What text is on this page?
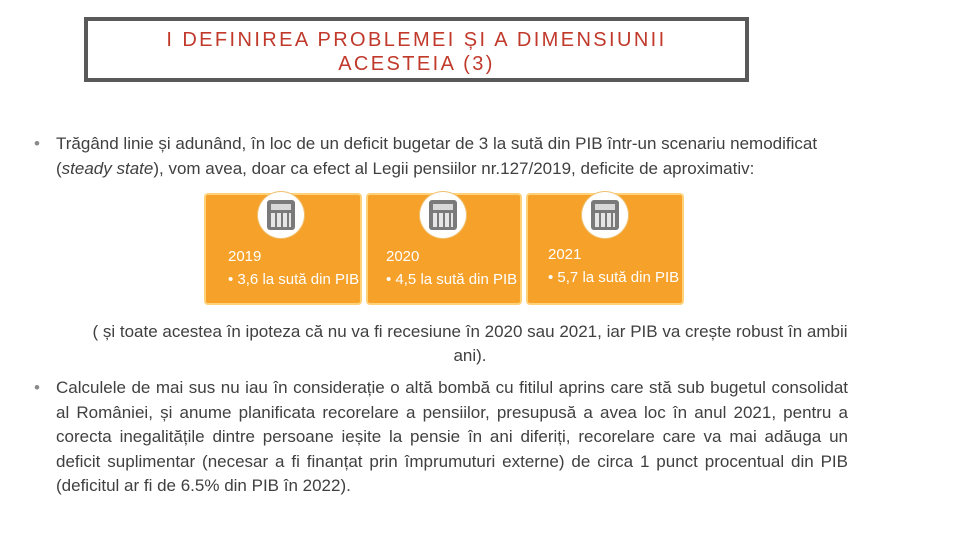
I DEFINIREA PROBLEMEI ȘI A DIMENSIUNII
ACESTEIA (3)
• Trăgând linie și adunând, în loc de un deficit bugetar de 3 la sută din PIB într-un scenariu nemodificat (steady state), vom avea, doar ca efect al Legii pensiilor nr.127/2019, deficite de aproximativ:
2019
• 3,6 la sută din PIB
2020
• 4,5 la sută din PIB
2021
• 5,7 la sută din PIB
( și toate acestea în ipoteza că nu va fi recesiune în 2020 sau 2021, iar PIB va crește robust în ambii ani).
• Calculele de mai sus nu iau în considerație o altă bombă cu fitilul aprins care stă sub bugetul consolidat al României, și anume planificata recorelare a pensiilor, presupusă a avea loc în anul 2021, pentru a corecta inegalitățile dintre persoane ieșite la pensie în ani diferiți, recorelare care va mai adăuga un deficit suplimentar (necesar a fi finanțat prin împrumuturi externe) de circa 1 punct procentual din PIB (deficitul ar fi de 6.5% din PIB în 2022).
